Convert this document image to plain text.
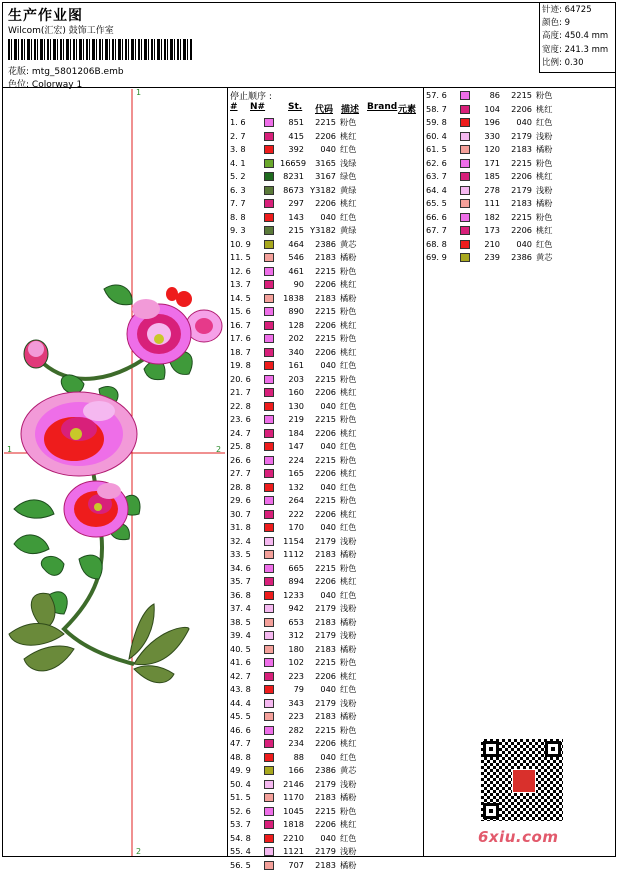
生产作业图
Wilcom(汇宏) 鼓饰工作室
花版: mtg_5801206B.emb
色位: Colorway 1
针迹: 64725
颜色: 9
高度: 450.4 mm
宽度: 241.3 mm
比例: 0.30
1
1	2
2
停止顺序 :
# N#	St. 代码 描述 Brand 元素
1. 6	851	2215 粉色
2. 7	415	2206 桃红
3. 8	392	040 红色
4. 1	16659	3165 浅绿
5. 2	8231	3167 绿色
6. 3	8673 Y3182 黄绿
7. 7	297	2206 桃红
8. 8	143	040 红色
9. 3	215 Y3182 黄绿
10. 9	464	2386 黄芯
11. 5	546	2183 橘粉
12. 6	461	2215 粉色
13. 7	90	2206 桃红
14. 5	1838	2183 橘粉
15. 6	890	2215 粉色
16. 7	128	2206 桃红
17. 6	202	2215 粉色
18. 7	340	2206 桃红
19. 8	161	040 红色
20. 6	203	2215 粉色
21. 7	160	2206 桃红
22. 8	130	040 红色
23. 6	219	2215 粉色
24. 7	184	2206 桃红
25. 8	147	040 红色
26. 6	224	2215 粉色
27. 7	165	2206 桃红
28. 8	132	040 红色
29. 6	264	2215 粉色
30. 7	222	2206 桃红
31. 8	170	040 红色
32. 4	1154	2179 浅粉
33. 5	1112	2183 橘粉
34. 6	665	2215 粉色
35. 7	894	2206 桃红
36. 8	1233	040 红色
37. 4	942	2179 浅粉
38. 5	653	2183 橘粉
39. 4	312	2179 浅粉
40. 5	180	2183 橘粉
41. 6	102	2215 粉色
42. 7	223	2206 桃红
43. 8	79	040 红色
44. 4	343	2179 浅粉
45. 5	223	2183 橘粉
46. 6	282	2215 粉色
47. 7	234	2206 桃红
48. 8	88	040 红色
49. 9	166	2386 黄芯
50. 4	2146	2179 浅粉
51. 5	1170	2183 橘粉
52. 6	1045	2215 粉色
53. 7	1818	2206 桃红
54. 8	2210	040 红色
55. 4	1121	2179 浅粉
56. 5	707	2183 橘粉
57. 6	86	2215 粉色
58. 7	104	2206 桃红
59. 8	196	040 红色
60. 4	330	2179 浅粉
61. 5	120	2183 橘粉
62. 6	171	2215 粉色
63. 7	185	2206 桃红
64. 4	278	2179 浅粉
65. 5	111	2183 橘粉
66. 6	182	2215 粉色
67. 7	173	2206 桃红
68. 8	210	040 红色
69. 9	239	2386 黄芯
6xiu.com
